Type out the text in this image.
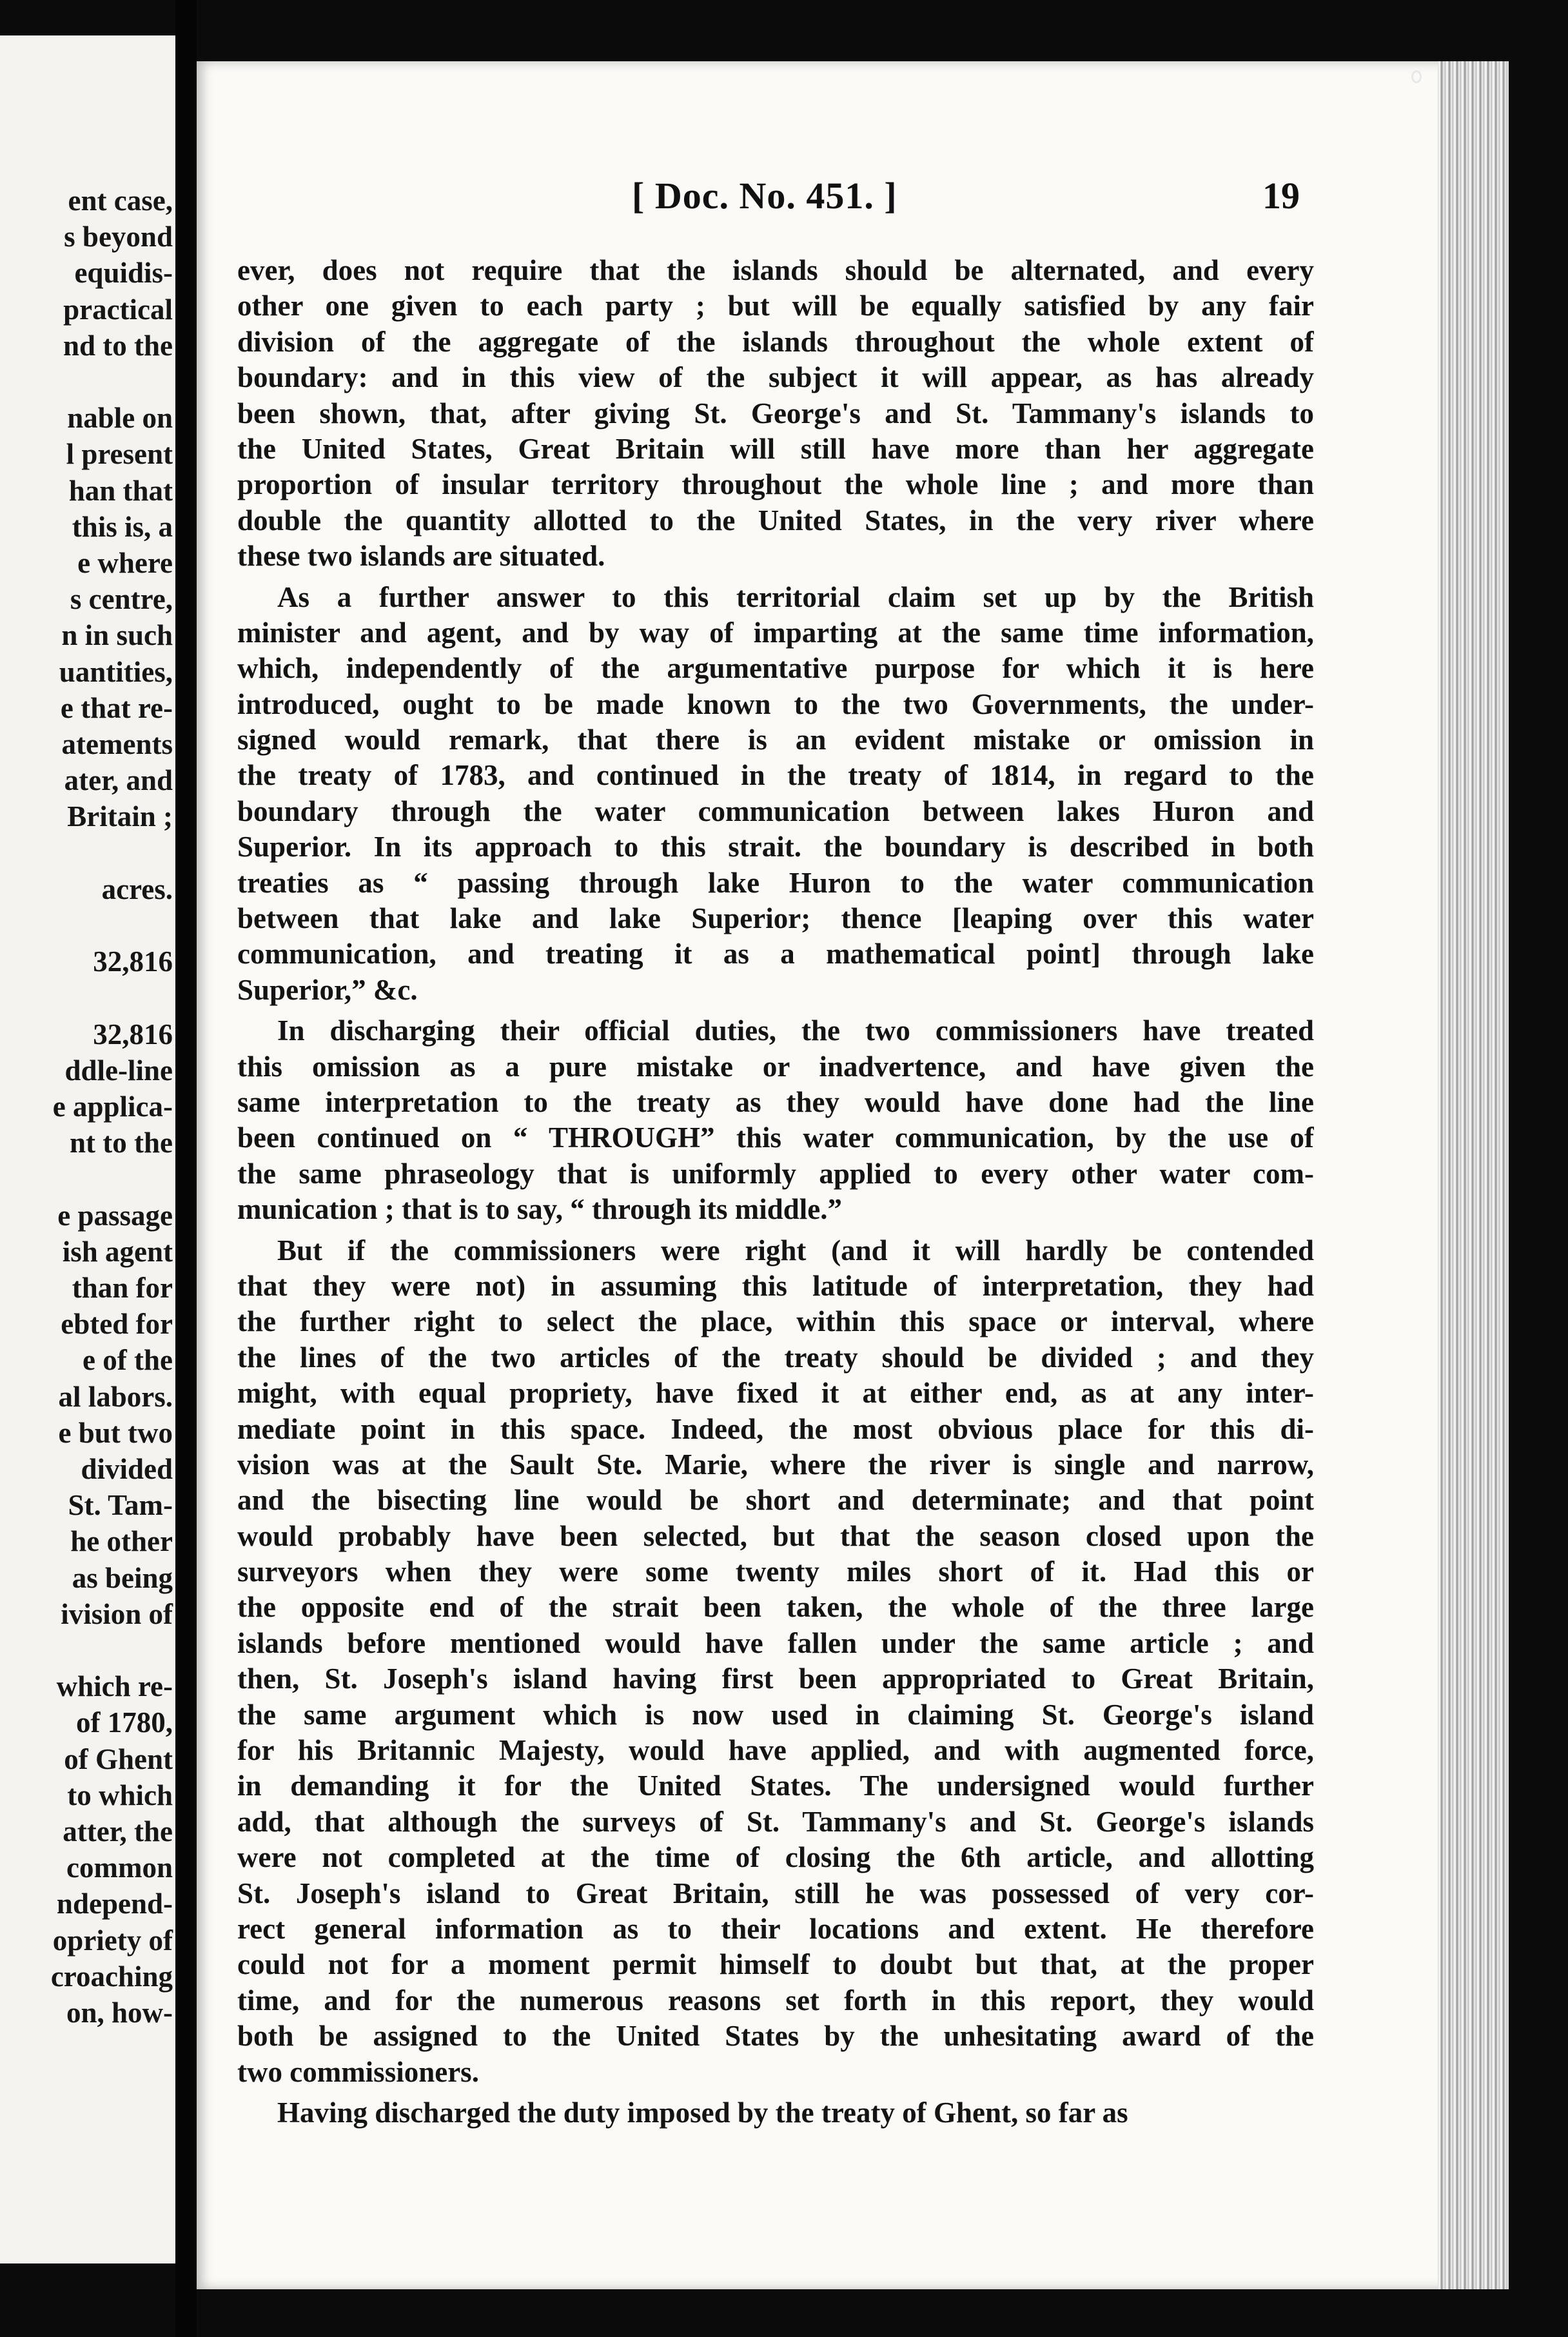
ent case,
s beyond
equidis-
practical
nd to the
nable on
l present
han that
this is, a
e where
s centre,
n in such
uantities,
e that re-
atements
ater, and
Britain ;
acres.
32,816
32,816
ddle-line
e applica-
nt to the
e passage
ish agent
than for
ebted for
e of the
al labors.
e but two
divided
St. Tam-
he other
as being
ivision of
which re-
of 1780,
of Ghent
to which
atter, the
common
ndepend-
opriety of
croaching
on, how-
[ Doc. No. 451. ]	19
ever, does not require that the islands should be alternated, and every
other one given to each party ; but will be equally satisfied by any fair
division of the aggregate of the islands throughout the whole extent of
boundary: and in this view of the subject it will appear, as has already
been shown, that, after giving St. George's and St. Tammany's islands to
the United States, Great Britain will still have more than her aggregate
proportion of insular territory throughout the whole line ; and more than
double the quantity allotted to the United States, in the very river where
these two islands are situated.
As a further answer to this territorial claim set up by the British
minister and agent, and by way of imparting at the same time information,
which, independently of the argumentative purpose for which it is here
introduced, ought to be made known to the two Governments, the under-
signed would remark, that there is an evident mistake or omission in
the treaty of 1783, and continued in the treaty of 1814, in regard to the
boundary through the water communication between lakes Huron and
Superior. In its approach to this strait. the boundary is described in both
treaties as “ passing through lake Huron to the water communication
between that lake and lake Superior; thence [leaping over this water
communication, and treating it as a mathematical point] through lake
Superior,” &c.
In discharging their official duties, the two commissioners have treated
this omission as a pure mistake or inadvertence, and have given the
same interpretation to the treaty as they would have done had the line
been continued on “ THROUGH” this water communication, by the use of
the same phraseology that is uniformly applied to every other water com-
munication ; that is to say, “ through its middle.”
But if the commissioners were right (and it will hardly be contended
that they were not) in assuming this latitude of interpretation, they had
the further right to select the place, within this space or interval, where
the lines of the two articles of the treaty should be divided ; and they
might, with equal propriety, have fixed it at either end, as at any inter-
mediate point in this space. Indeed, the most obvious place for this di-
vision was at the Sault Ste. Marie, where the river is single and narrow,
and the bisecting line would be short and determinate; and that point
would probably have been selected, but that the season closed upon the
surveyors when they were some twenty miles short of it. Had this or
the opposite end of the strait been taken, the whole of the three large
islands before mentioned would have fallen under the same article ; and
then, St. Joseph's island having first been appropriated to Great Britain,
the same argument which is now used in claiming St. George's island
for his Britannic Majesty, would have applied, and with augmented force,
in demanding it for the United States. The undersigned would further
add, that although the surveys of St. Tammany's and St. George's islands
were not completed at the time of closing the 6th article, and allotting
St. Joseph's island to Great Britain, still he was possessed of very cor-
rect general information as to their locations and extent. He therefore
could not for a moment permit himself to doubt but that, at the proper
time, and for the numerous reasons set forth in this report, they would
both be assigned to the United States by the unhesitating award of the
two commissioners.
Having discharged the duty imposed by the treaty of Ghent, so far as
